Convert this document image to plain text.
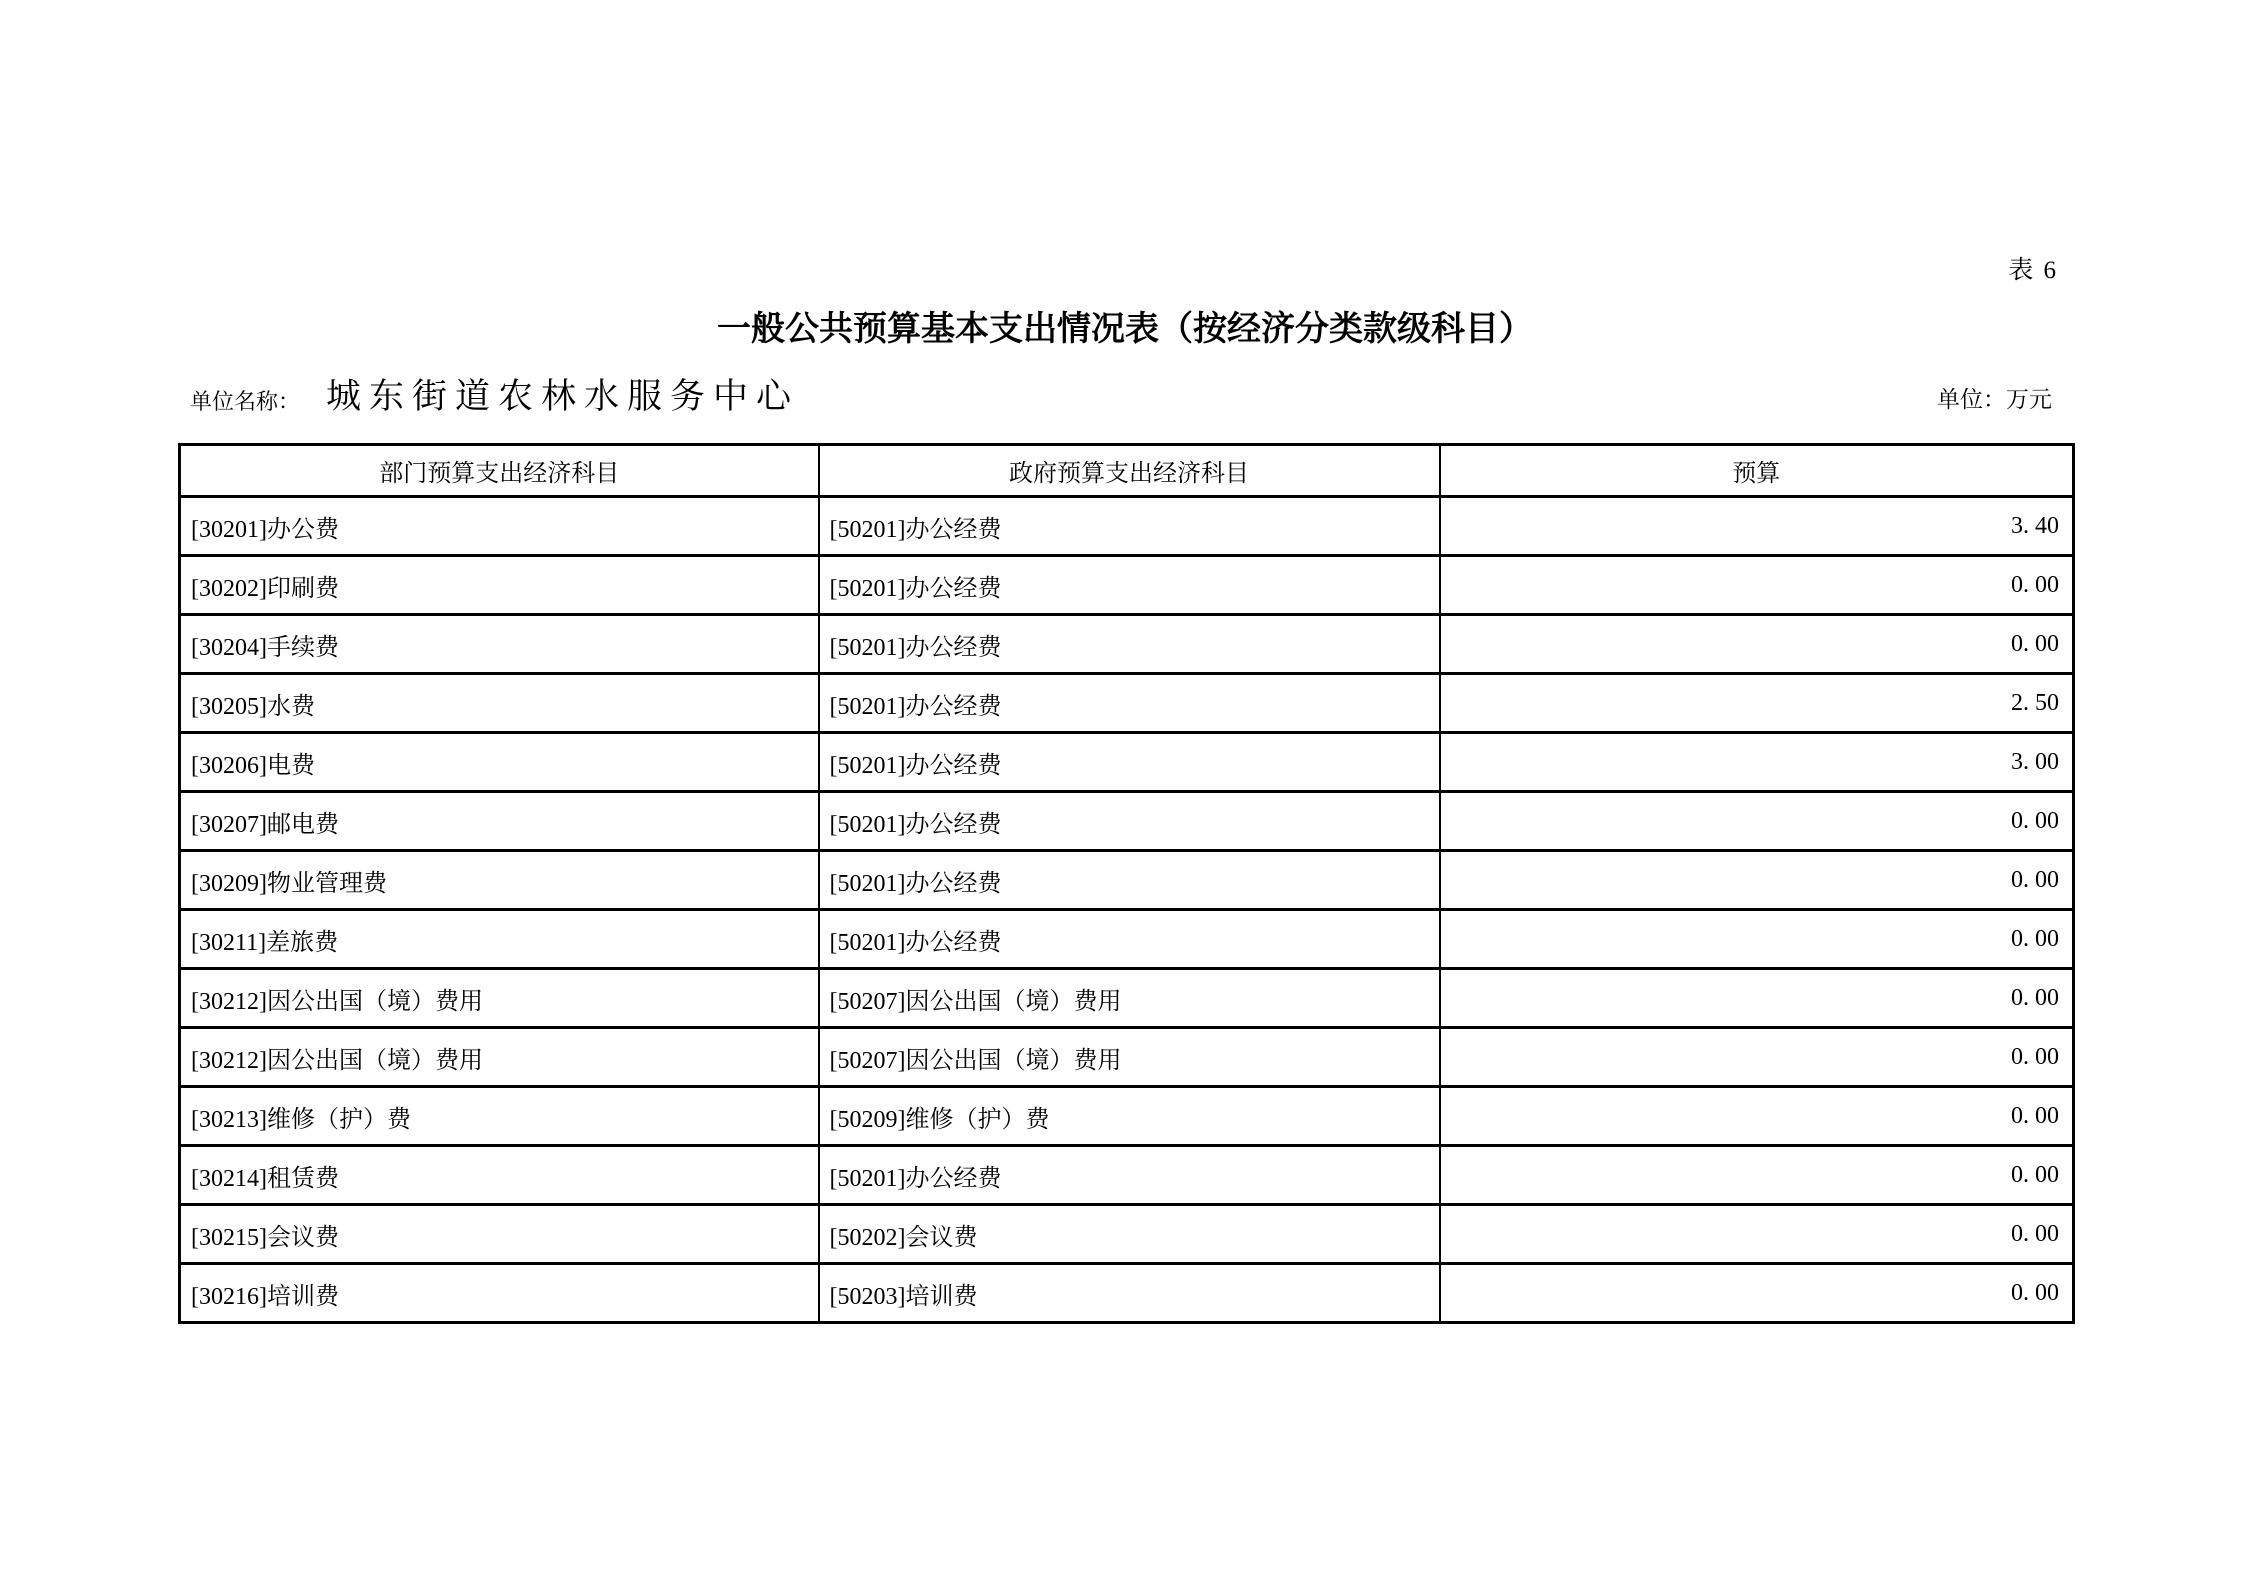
表 6
一般公共预算基本支出情况表（按经济分类款级科目）
单位名称： 城东街道农林水服务中心	单位：万元
部门预算支出经济科目	政府预算支出经济科目	预算
[30201]办公费	[50201]办公经费	3. 40
[30202]印刷费	[50201]办公经费	0. 00
[30204]手续费	[50201]办公经费	0. 00
[30205]水费	[50201]办公经费	2. 50
[30206]电费	[50201]办公经费	3. 00
[30207]邮电费	[50201]办公经费	0. 00
[30209]物业管理费	[50201]办公经费	0. 00
[30211]差旅费	[50201]办公经费	0. 00
[30212]因公出国（境）费用	[50207]因公出国（境）费用	0. 00
[30212]因公出国（境）费用	[50207]因公出国（境）费用	0. 00
[30213]维修（护）费	[50209]维修（护）费	0. 00
[30214]租赁费	[50201]办公经费	0. 00
[30215]会议费	[50202]会议费	0. 00
[30216]培训费	[50203]培训费	0. 00
